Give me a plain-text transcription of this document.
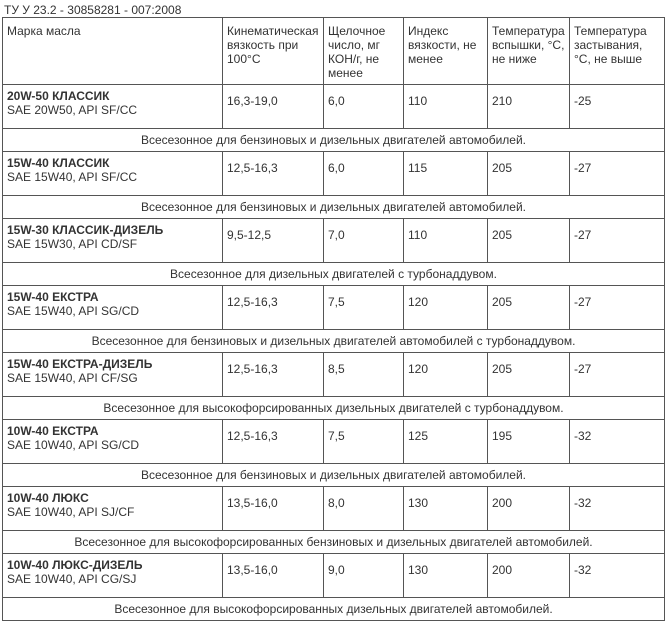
ТУ У 23.2 - 30858281 - 007:2008
Марка масла	Кинематическая вязкость при 100°С	Щелочное число, мг КОН/г, не менее	Индекс вязкости, не менее	Температура вспышки, °С, не ниже	Температура застывания, °С, не выше

20W-50 КЛАССИК
SAE 20W50, API SF/CC	16,3-19,0	6,0	110	210	-25
Всесезонное для бензиновых и дизельных двигателей автомобилей.					

15W-40 КЛАССИК
SAE 15W40, API SF/CC	12,5-16,3	6,0	115	205	-27
Всесезонное для бензиновых и дизельных двигателей автомобилей.					

15W-30 КЛАССИК-ДИЗЕЛЬ
SAE 15W30, API CD/SF	9,5-12,5	7,0	110	205	-27
Всесезонное для дизельных двигателей с турбонаддувом.					

15W-40 ЕКСТРА
SAE 15W40, API SG/CD	12,5-16,3	7,5	120	205	-27
Всесезонное для бензиновых и дизельных двигателей автомобилей с турбонаддувом.					

15W-40 ЕКСТРА-ДИЗЕЛЬ
SAE 15W40, API CF/SG	12,5-16,3	8,5	120	205	-27
Всесезонное для высокофорсированных дизельных двигателей с турбонаддувом.					

10W-40 ЕКСТРА
SAE 10W40, API SG/CD	12,5-16,3	7,5	125	195	-32
Всесезонное для бензиновых и дизельных двигателей автомобилей.					

10W-40 ЛЮКС
SAE 10W40, API SJ/CF	13,5-16,0	8,0	130	200	-32
Всесезонное для высокофорсированных бензиновых и дизельных двигателей автомобилей.					

10W-40 ЛЮКС-ДИЗЕЛЬ
SAE 10W40, API CG/SJ	13,5-16,0	9,0	130	200	-32
Всесезонное для высокофорсированных дизельных двигателей автомобилей.					
